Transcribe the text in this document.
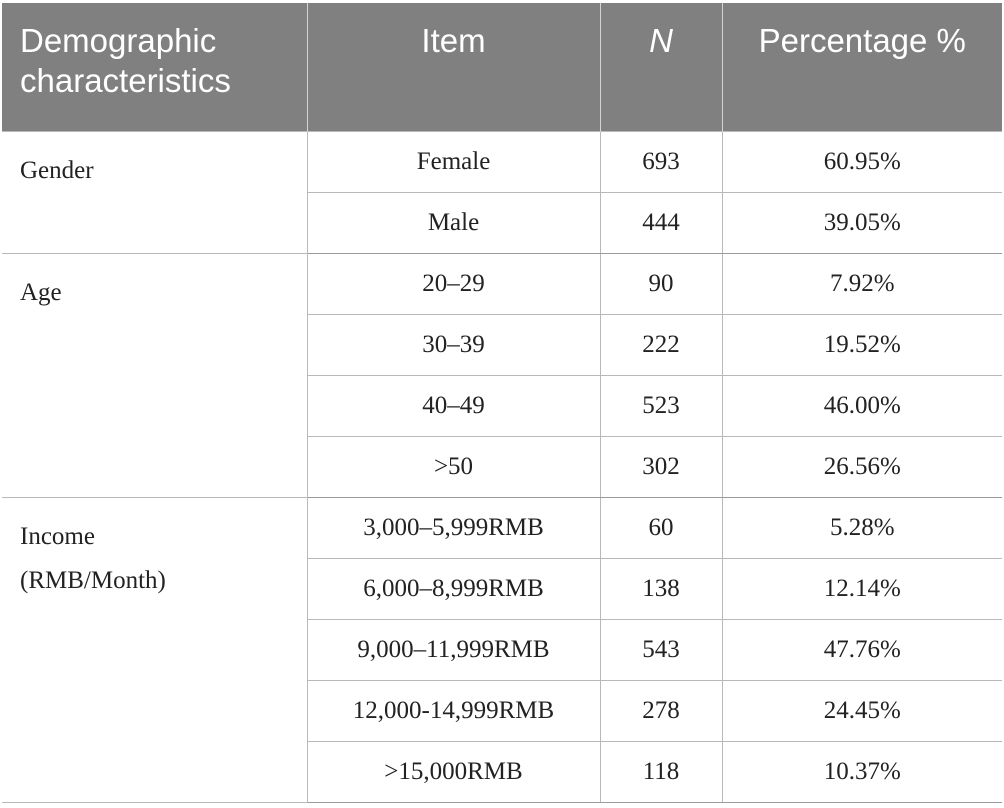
Demographic
characteristics	Item	N	Percentage %
Gender	Female	693	60.95%
	Male	444	39.05%
Age	20–29	90	7.92%
	30–39	222	19.52%
	40–49	523	46.00%
	>50	302	26.56%

Income
(RMB/Month)	3,000–5,999RMB	60	5.28%
	6,000–8,999RMB	138	12.14%
	9,000–11,999RMB	543	47.76%
	12,000-14,999RMB	278	24.45%
	>15,000RMB	118	10.37%
